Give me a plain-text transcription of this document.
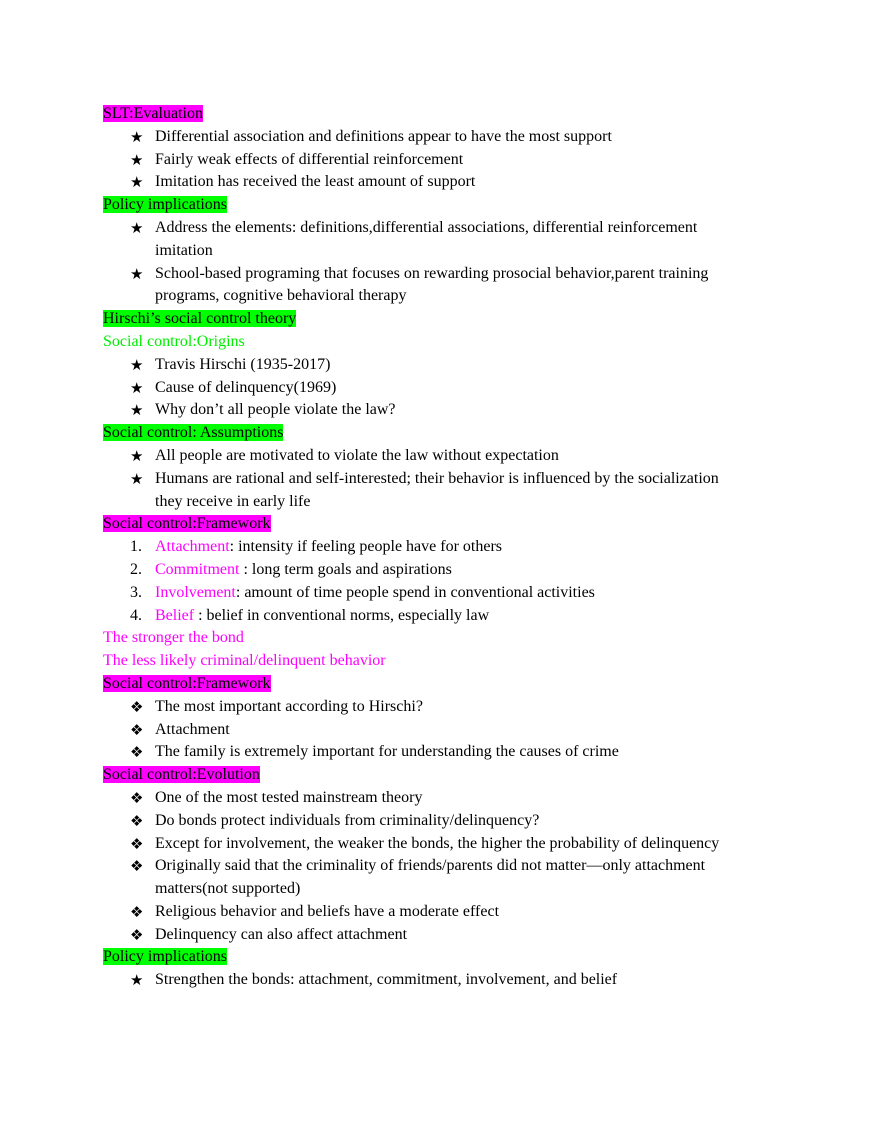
SLT:Evaluation
★ Differential association and definitions appear to have the most support
★ Fairly weak effects of differential reinforcement
★ Imitation has received the least amount of support
Policy implications
★ Address the elements: definitions,differential associations, differential reinforcement
imitation
★ School-based programing that focuses on rewarding prosocial behavior,parent training
programs, cognitive behavioral therapy
Hirschi’s social control theory
Social control:Origins
★ Travis Hirschi (1935-2017)
★ Cause of delinquency(1969)
★ Why don’t all people violate the law?
Social control: Assumptions
★ All people are motivated to violate the law without expectation
★ Humans are rational and self-interested; their behavior is influenced by the socialization
they receive in early life
Social control:Framework
1. Attachment: intensity if feeling people have for others
2. Commitment : long term goals and aspirations
3. Involvement: amount of time people spend in conventional activities
4. Belief : belief in conventional norms, especially law
The stronger the bond
The less likely criminal/delinquent behavior
Social control:Framework
❖ The most important according to Hirschi?
❖ Attachment
❖ The family is extremely important for understanding the causes of crime
Social control:Evolution
❖ One of the most tested mainstream theory
❖ Do bonds protect individuals from criminality/delinquency?
❖ Except for involvement, the weaker the bonds, the higher the probability of delinquency
❖ Originally said that the criminality of friends/parents did not matter—only attachment
matters(not supported)
❖ Religious behavior and beliefs have a moderate effect
❖ Delinquency can also affect attachment
Policy implications
★ Strengthen the bonds: attachment, commitment, involvement, and belief
